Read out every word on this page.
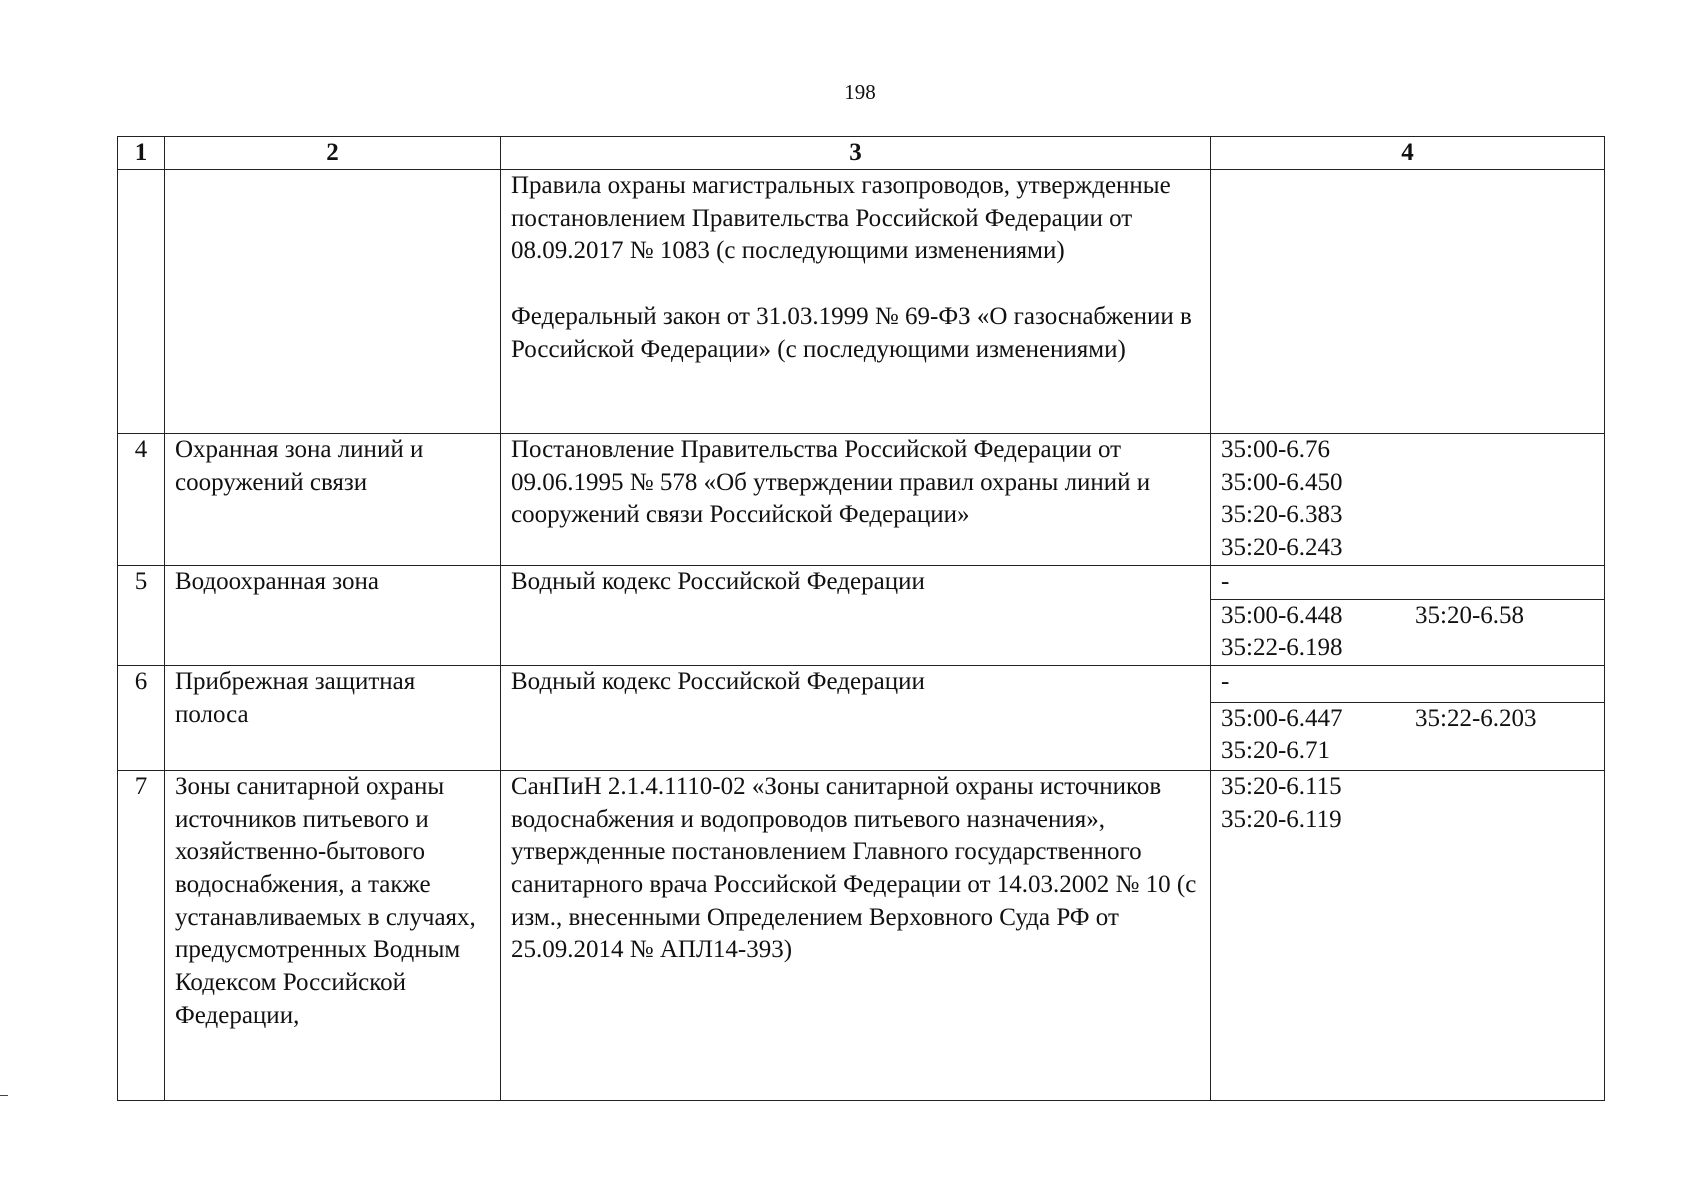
198
1	2	3	4

		Правила охраны магистральных газопроводов, утвержденные постановлением Правительства Российской Федерации от 08.09.2017 № 1083 (с последующими изменениями)
Федеральный закон от 31.03.1999 № 69-ФЗ «О газоснабжении в Российской Федерации» (с последующими изменениями)	

4	Охранная зона линий и сооружений связи	Постановление Правительства Российской Федерации от 09.06.1995 № 578 «Об утверждении правил охраны линий и сооружений связи Российской Федерации»	35:00-6.76
35:00-6.450
35:20-6.383
35:20-6.243

5	Водоохранная зона	Водный кодекс Российской Федерации	-
35:00-6.448 35:20-6.58
35:22-6.198

6	Прибрежная защитная полоса	Водный кодекс Российской Федерации	-
35:00-6.447 35:22-6.203
35:20-6.71

7	Зоны санитарной охраны источников питьевого и хозяйственно-бытового водоснабжения, а также устанавливаемых в случаях, предусмотренных Водным Кодексом Российской Федерации,	СанПиН 2.1.4.1110-02 «Зоны санитарной охраны источников водоснабжения и водопроводов питьевого назначения», утвержденные постановлением Главного государственного санитарного врача Российской Федерации от 14.03.2002 № 10 (с изм., внесенными Определением Верховного Суда РФ от 25.09.2014 № АПЛ14-393)	35:20-6.115
35:20-6.119
